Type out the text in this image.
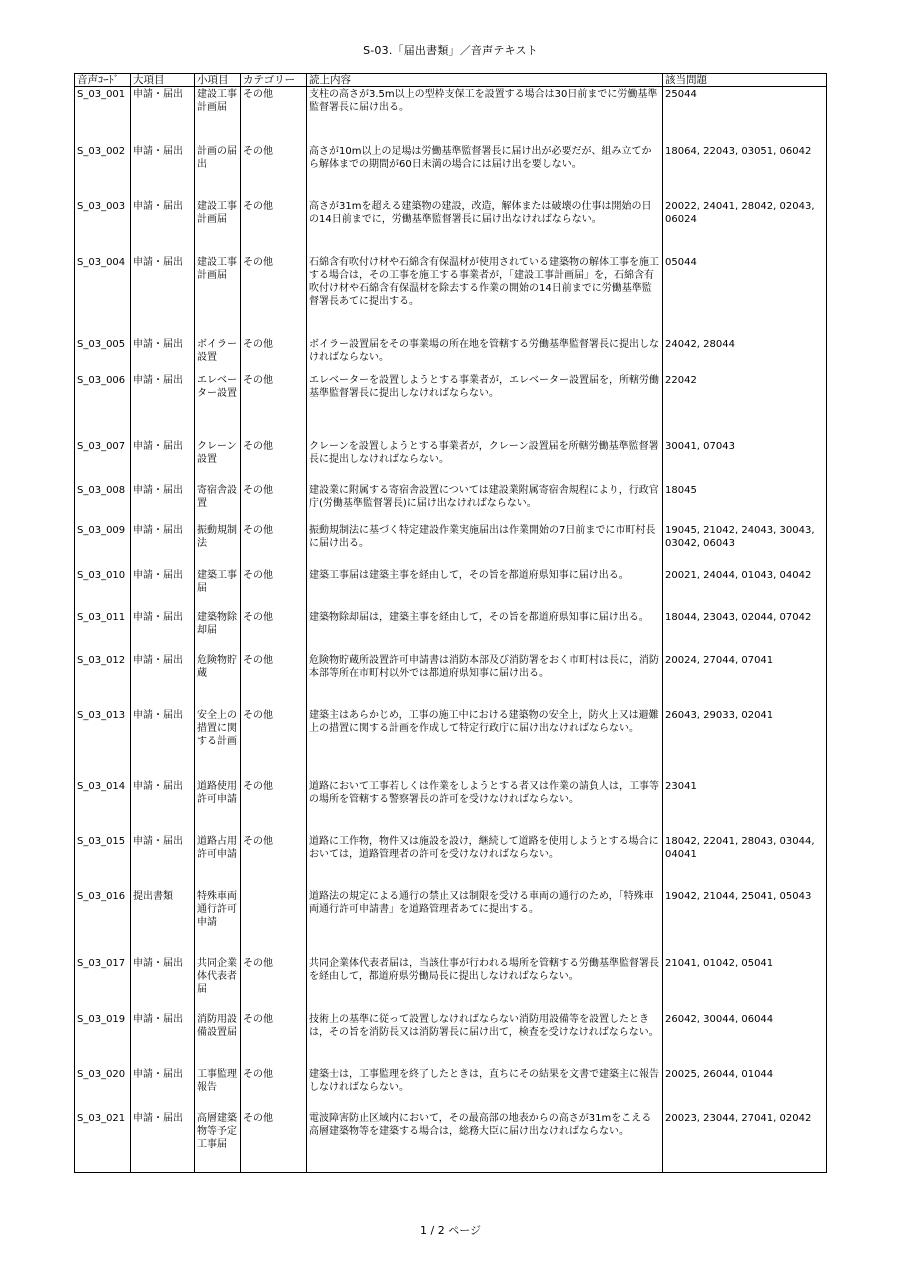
S-03.「届出書類」／音声テキスト
音声ｺｰﾄﾞ	大項目	小項目	カテゴリー	読上内容	該当問題
S_03_001	申請・届出	建設工事計画届	その他	支柱の高さが3.5m以上の型枠支保工を設置する場合は30日前までに労働基準監督署長に届け出る。	25044
S_03_002	申請・届出	計画の届出	その他	高さが10m以上の足場は労働基準監督署長に届け出が必要だが、組み立てから解体までの期間が60日未満の場合には届け出を要しない。	18064, 22043, 03051, 06042
S_03_003	申請・届出	建設工事計画届	その他	高さが31mを超える建築物の建設，改造，解体または破壊の仕事は開始の日の14日前までに，労働基準監督署長に届け出なければならない。	20022, 24041, 28042, 02043, 06024
S_03_004	申請・届出	建設工事計画届	その他	石綿含有吹付け材や石綿含有保温材が使用されている建築物の解体工事を施工する場合は，その工事を施工する事業者が，「建設工事計画届」を，石綿含有吹付け材や石綿含有保温材を除去する作業の開始の14日前までに労働基準監督署長あてに提出する。	05044
S_03_005	申請・届出	ボイラー設置	その他	ボイラー設置届をその事業場の所在地を管轄する労働基準監督署長に提出しなければならない。	24042, 28044
S_03_006	申請・届出	エレベーター設置	その他	エレベーターを設置しようとする事業者が，エレベーター設置届を，所轄労働基準監督署長に提出しなければならない。	22042
S_03_007	申請・届出	クレーン設置	その他	クレーンを設置しようとする事業者が，クレーン設置届を所轄労働基準監督署長に提出しなければならない。	30041, 07043
S_03_008	申請・届出	寄宿舎設置	その他	建設業に附属する寄宿舎設置については建設業附属寄宿舎規程により，行政官庁(労働基準監督署長)に届け出なければならない。	18045
S_03_009	申請・届出	振動規制法	その他	振動規制法に基づく特定建設作業実施届出は作業開始の7日前までに市町村長に届け出る。	19045, 21042, 24043, 30043, 03042, 06043
S_03_010	申請・届出	建築工事届	その他	建築工事届は建築主事を経由して，その旨を都道府県知事に届け出る。	20021, 24044, 01043, 04042
S_03_011	申請・届出	建築物除却届	その他	建築物除却届は，建築主事を経由して，その旨を都道府県知事に届け出る。	18044, 23043, 02044, 07042
S_03_012	申請・届出	危険物貯蔵	その他	危険物貯蔵所設置許可申請書は消防本部及び消防署をおく市町村は長に，消防本部等所在市町村以外では都道府県知事に届け出る。	20024, 27044, 07041
S_03_013	申請・届出	安全上の措置に関する計画	その他	建築主はあらかじめ，工事の施工中における建築物の安全上，防火上又は避難上の措置に関する計画を作成して特定行政庁に届け出なければならない。	26043, 29033, 02041
S_03_014	申請・届出	道路使用許可申請	その他	道路において工事若しくは作業をしようとする者又は作業の請負人は，工事等の場所を管轄する警察署長の許可を受けなければならない。	23041
S_03_015	申請・届出	道路占用許可申請	その他	道路に工作物，物件又は施設を設け，継続して道路を使用しようとする場合においては，道路管理者の許可を受けなければならない。	18042, 22041, 28043, 03044, 04041
S_03_016	提出書類	特殊車両通行許可申請		道路法の規定による通行の禁止又は制限を受ける車両の通行のため，「特殊車両通行許可申請書」を道路管理者あてに提出する。	19042, 21044, 25041, 05043
S_03_017	申請・届出	共同企業体代表者届	その他	共同企業体代表者届は，当該仕事が行われる場所を管轄する労働基準監督署長を経由して，都道府県労働局長に提出しなければならない。	21041, 01042, 05041
S_03_019	申請・届出	消防用設備設置届	その他	技術上の基準に従って設置しなければならない消防用設備等を設置したときは，その旨を消防長又は消防署長に届け出て，検査を受けなければならない。	26042, 30044, 06044
S_03_020	申請・届出	工事監理報告	その他	建築士は，工事監理を終了したときは，直ちにその結果を文書で建築主に報告しなければならない。	20025, 26044, 01044
S_03_021	申請・届出	高層建築物等予定工事届	その他	電波障害防止区域内において，その最高部の地表からの高さが31mをこえる高層建築物等を建築する場合は，総務大臣に届け出なければならない。	20023, 23044, 27041, 02042
1 / 2 ページ
